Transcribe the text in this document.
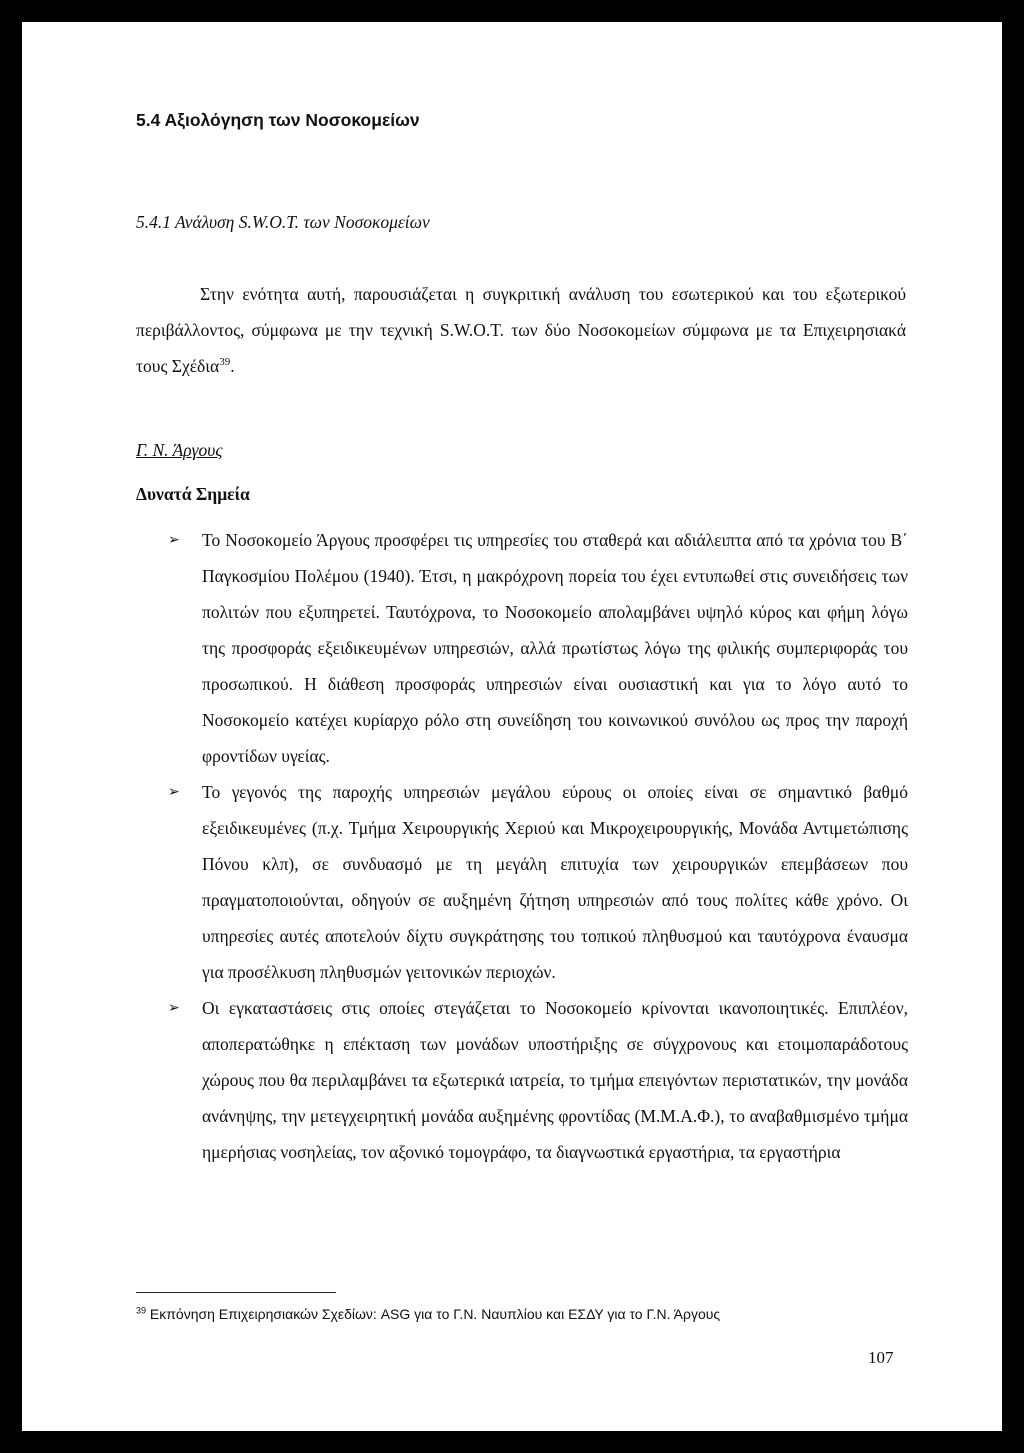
5.4 Αξιολόγηση των Νοσοκομείων
5.4.1 Ανάλυση S.W.O.T. των Νοσοκομείων
Στην ενότητα αυτή, παρουσιάζεται η συγκριτική ανάλυση του εσωτερικού και του εξωτερικού περιβάλλοντος, σύμφωνα με την τεχνική S.W.O.T. των δύο Νοσοκομείων σύμφωνα με τα Επιχειρησιακά τους Σχέδια$^{39}$.
Γ. Ν. Άργους
Δυνατά Σημεία
➢ Το Νοσοκομείο Άργους προσφέρει τις υπηρεσίες του σταθερά και αδιάλειπτα από τα χρόνια του Β΄ Παγκοσμίου Πολέμου (1940). Έτσι, η μακρόχρονη πορεία του έχει εντυπωθεί στις συνειδήσεις των πολιτών που εξυπηρετεί. Ταυτόχρονα, το Νοσοκομείο απολαμβάνει υψηλό κύρος και φήμη λόγω της προσφοράς εξειδικευμένων υπηρεσιών, αλλά πρωτίστως λόγω της φιλικής συμπεριφοράς του προσωπικού. Η διάθεση προσφοράς υπηρεσιών είναι ουσιαστική και για το λόγο αυτό το Νοσοκομείο κατέχει κυρίαρχο ρόλο στη συνείδηση του κοινωνικού συνόλου ως προς την παροχή φροντίδων υγείας.
➢ Το γεγονός της παροχής υπηρεσιών μεγάλου εύρους οι οποίες είναι σε σημαντικό βαθμό εξειδικευμένες (π.χ. Τμήμα Χειρουργικής Χεριού και Μικροχειρουργικής, Μονάδα Αντιμετώπισης Πόνου κλπ), σε συνδυασμό με τη μεγάλη επιτυχία των χειρουργικών επεμβάσεων που πραγματοποιούνται, οδηγούν σε αυξημένη ζήτηση υπηρεσιών από τους πολίτες κάθε χρόνο. Οι υπηρεσίες αυτές αποτελούν δίχτυ συγκράτησης του τοπικού πληθυσμού και ταυτόχρονα έναυσμα για προσέλκυση πληθυσμών γειτονικών περιοχών.
➢ Οι εγκαταστάσεις στις οποίες στεγάζεται το Νοσοκομείο κρίνονται ικανοποιητικές. Επιπλέον, αποπερατώθηκε η επέκταση των μονάδων υποστήριξης σε σύγχρονους και ετοιμοπαράδοτους χώρους που θα περιλαμβάνει τα εξωτερικά ιατρεία, το τμήμα επειγόντων περιστατικών, την μονάδα ανάνηψης, την μετεγχειρητική μονάδα αυξημένης φροντίδας (Μ.Μ.Α.Φ.), το αναβαθμισμένο τμήμα ημερήσιας νοσηλείας, τον αξονικό τομογράφο, τα διαγνωστικά εργαστήρια, τα εργαστήρια
$^{39}$ Εκπόνηση Επιχειρησιακών Σχεδίων: ASG για το Γ.Ν. Ναυπλίου και ΕΣΔΥ για το Γ.Ν. Άργους
107
